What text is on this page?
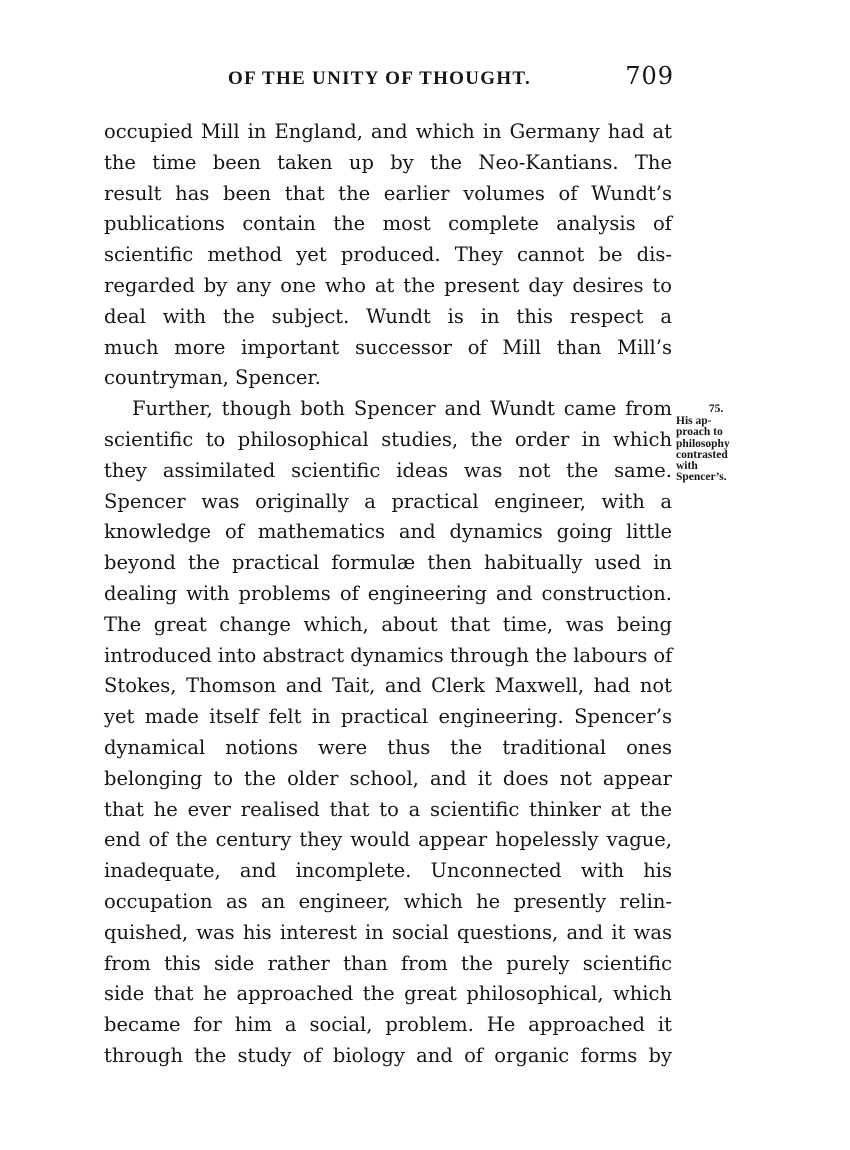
OF THE UNITY OF THOUGHT.	709
occupied Mill in England, and which in Germany had at
the time been taken up by the Neo-Kantians. The
result has been that the earlier volumes of Wundt’s
publications contain the most complete analysis of
scientific method yet produced. They cannot be dis-
regarded by any one who at the present day desires to
deal with the subject. Wundt is in this respect a
much more important successor of Mill than Mill’s
countryman, Spencer.
Further, though both Spencer and Wundt came from
scientific to philosophical studies, the order in which
they assimilated scientific ideas was not the same.
Spencer was originally a practical engineer, with a
knowledge of mathematics and dynamics going little
beyond the practical formulæ then habitually used in
dealing with problems of engineering and construction.
The great change which, about that time, was being
introduced into abstract dynamics through the labours of
Stokes, Thomson and Tait, and Clerk Maxwell, had not
yet made itself felt in practical engineering. Spencer’s
dynamical notions were thus the traditional ones
belonging to the older school, and it does not appear
that he ever realised that to a scientific thinker at the
end of the century they would appear hopelessly vague,
inadequate, and incomplete. Unconnected with his
occupation as an engineer, which he presently relin-
quished, was his interest in social questions, and it was
from this side rather than from the purely scientific
side that he approached the great philosophical, which
became for him a social, problem. He approached it
through the study of biology and of organic forms by
75.
His ap-
proach to
philosophy
contrasted
with
Spencer’s.
